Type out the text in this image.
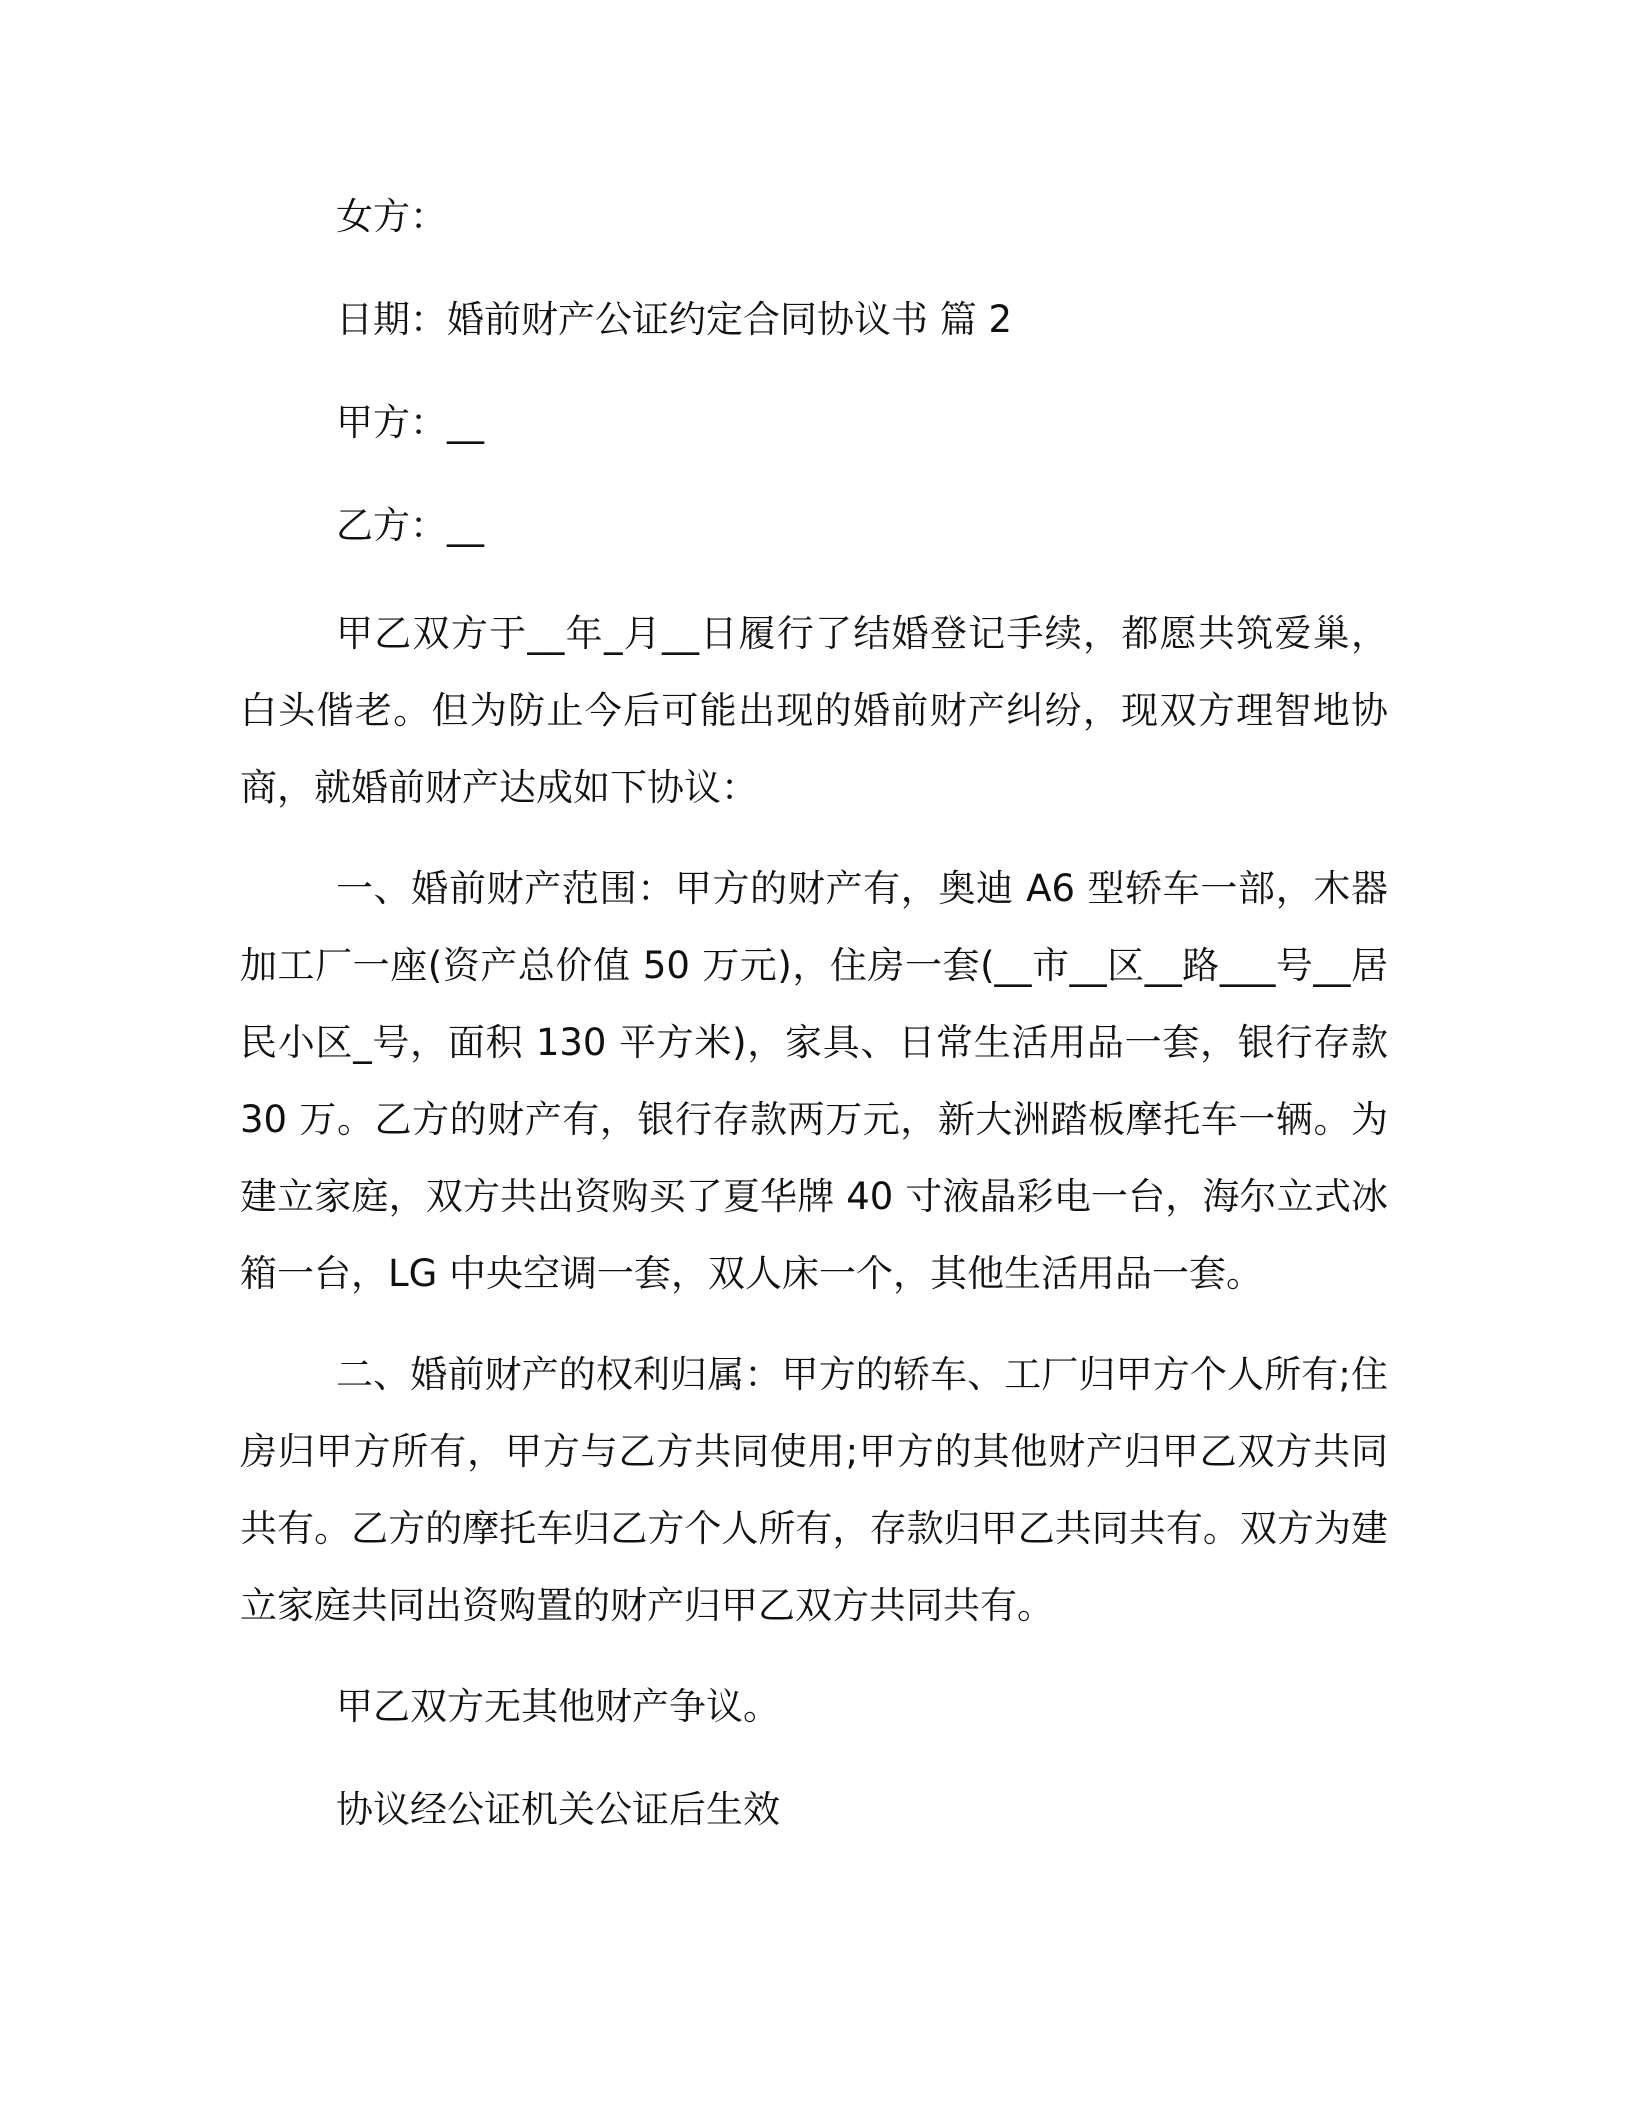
女方：
日期：婚前财产公证约定合同协议书 篇 2
甲方：__
乙方：__

甲乙双方于__年_月__日履行了结婚登记手续，都愿共筑爱巢，白头偕老。但为防止今后可能出现的婚前财产纠纷，现双方理智地协商，就婚前财产达成如下协议：

一、婚前财产范围：甲方的财产有，奥迪 A6 型轿车一部，木器加工厂一座(资产总价值 50 万元)，住房一套(__市__区__路___号__居民小区_号，面积 130 平方米)，家具、日常生活用品一套，银行存款 30 万。乙方的财产有，银行存款两万元，新大洲踏板摩托车一辆。为建立家庭，双方共出资购买了夏华牌 40 寸液晶彩电一台，海尔立式冰箱一台，LG 中央空调一套，双人床一个，其他生活用品一套。

二、婚前财产的权利归属：甲方的轿车、工厂归甲方个人所有;住房归甲方所有，甲方与乙方共同使用;甲方的其他财产归甲乙双方共同共有。乙方的摩托车归乙方个人所有，存款归甲乙共同共有。双方为建立家庭共同出资购置的财产归甲乙双方共同共有。

甲乙双方无其他财产争议。
协议经公证机关公证后生效
